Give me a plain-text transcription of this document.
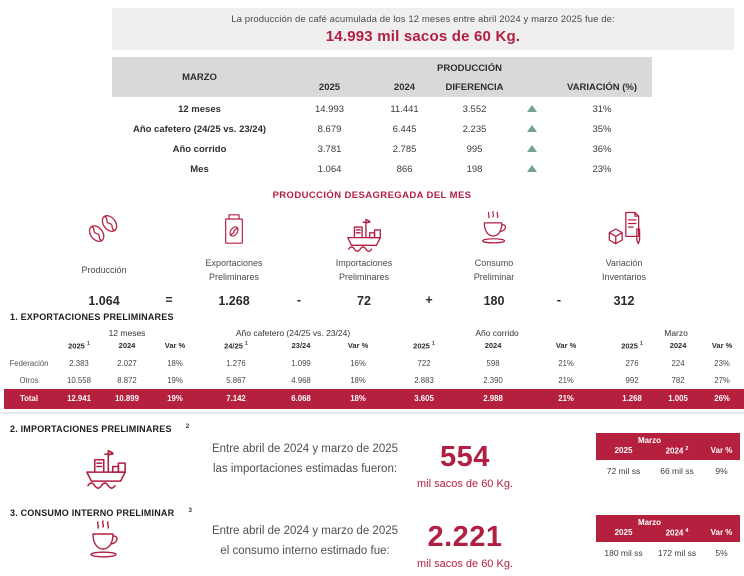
La producción de café acumulada de los 12 meses entre abril 2024 y marzo 2025 fue de:
14.993 mil sacos de 60 Kg.
MARZO	PRODUCCIÓN				
	2025	2024	DIFERENCIA		VARIACIÓN (%)
12 meses	14.993	11.441	3.552		31%
Año cafetero (24/25 vs. 23/24)	8.679	6.445	2.235		35%
Año corrido	3.781	2.785	995		36%
Mes	1.064	866	198		23%
PRODUCCIÓN DESAGREGADA DEL MES
Producción
1.064	=
Exportaciones
Preliminares
1.268	-
Importaciones
Preliminares
72	+
Consumo
Preliminar
180	-
Variación
Inventarios
312
1. EXPORTACIONES PRELIMINARES
	12 meses			Año cafetero (24/25 vs. 23/24)			Año corrido			Marzo		
	2025 $^1$	2024	Var %	24/25 $^1$	23/24	Var %	2025 $^1$	2024	Var %	2025 $^1$	2024	Var %
Federación	2.383	2.027	18%	1.276	1.099	16%	722	598	21%	276	224	23%
Otros	10.558	8.872	19%	5.867	4.968	18%	2.883	2.390	21%	992	782	27%
Total	12.941	10.899	19%	7.142	6.068	18%	3.605	2.988	21%	1.268	1.005	26%
2. IMPORTACIONES PRELIMINARES $^2$
Entre abril de 2024 y marzo de 2025
las importaciones estimadas fueron:	554
mil sacos de 60 Kg.
Marzo		
2025	2024 $^2$	Var %
72 mil ss	66 mil ss	9%
3. CONSUMO INTERNO PRELIMINAR $^3$
Entre abril de 2024 y marzo de 2025
el consumo interno estimado fue:	2.221
mil sacos de 60 Kg.
Marzo		
2025	2024 $^4$	Var %
180 mil ss	172 mil ss	5%
